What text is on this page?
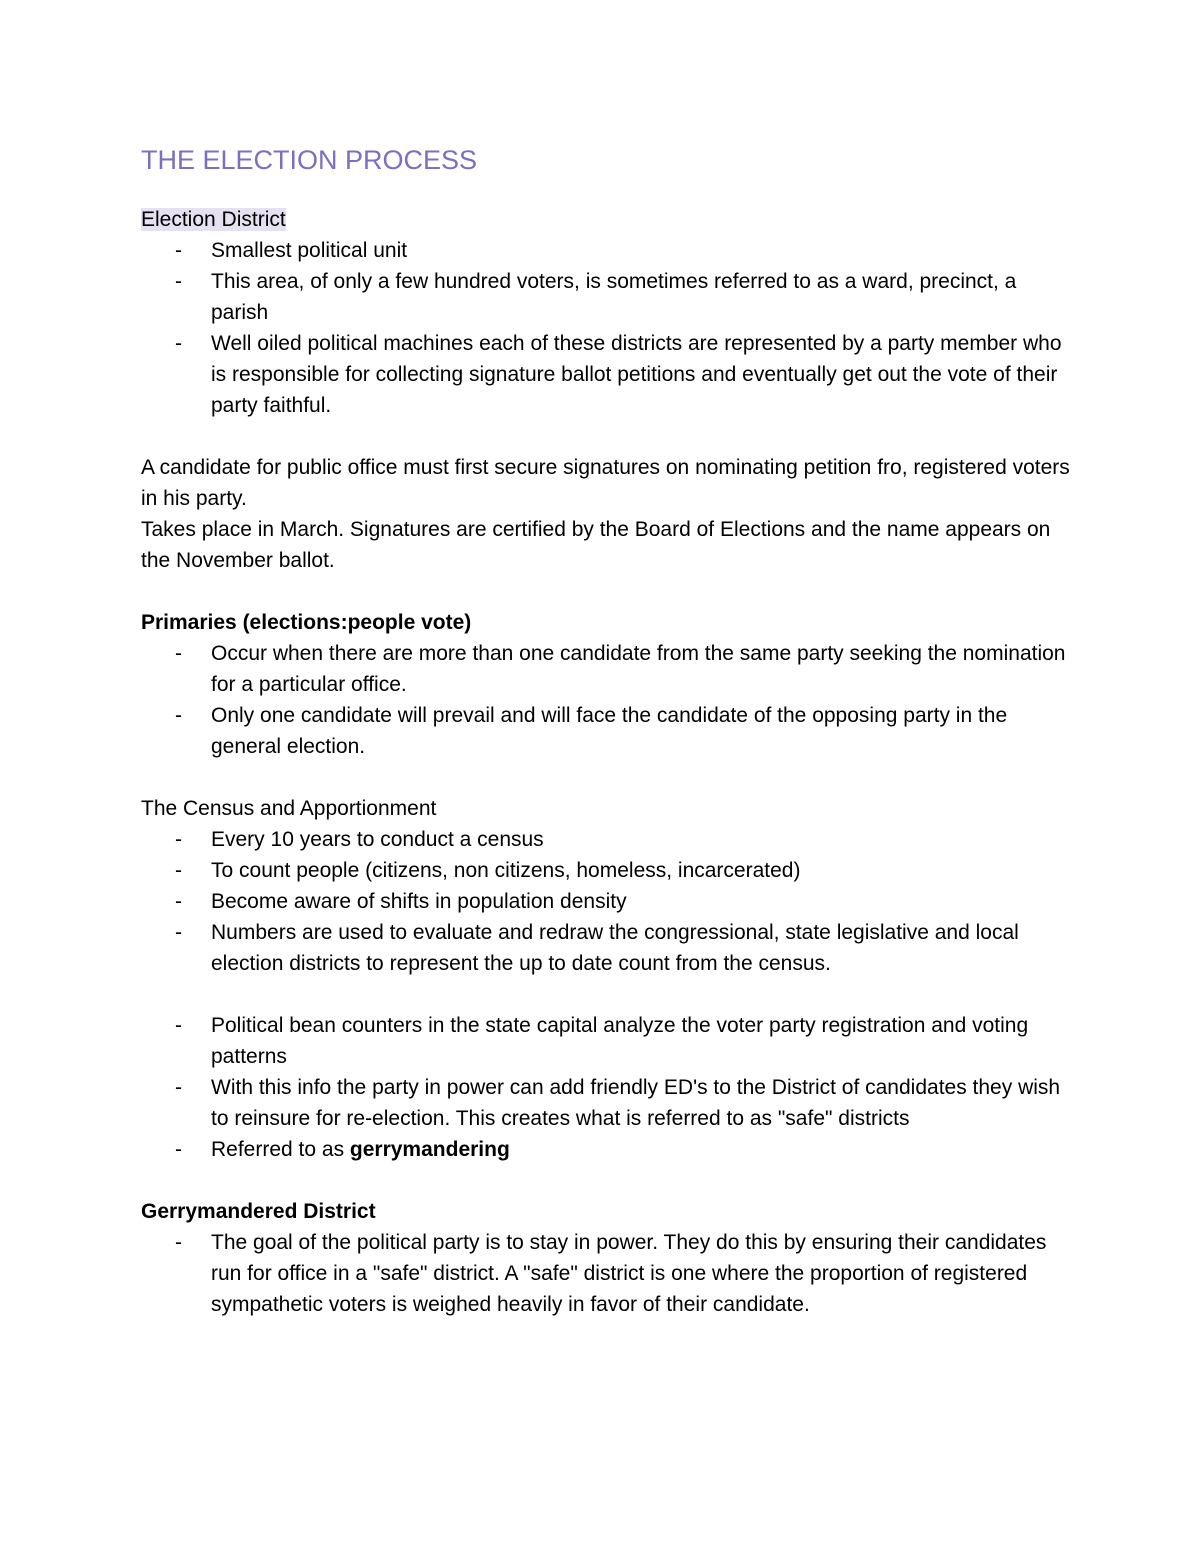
THE ELECTION PROCESS

Election District

- Smallest political unit
- This area, of only a few hundred voters, is sometimes referred to as a ward, precinct, a parish
- Well oiled political machines each of these districts are represented by a party member who is responsible for collecting signature ballot petitions and eventually get out the vote of their party faithful.

A candidate for public office must first secure signatures on nominating petition fro, registered voters in his party.

Takes place in March. Signatures are certified by the Board of Elections and the name appears on the November ballot.

Primaries (elections:people vote)

- Occur when there are more than one candidate from the same party seeking the nomination for a particular office.
- Only one candidate will prevail and will face the candidate of the opposing party in the general election.

The Census and Apportionment

- Every 10 years to conduct a census
- To count people (citizens, non citizens, homeless, incarcerated)
- Become aware of shifts in population density
- Numbers are used to evaluate and redraw the congressional, state legislative and local election districts to represent the up to date count from the census.
- Political bean counters in the state capital analyze the voter party registration and voting patterns
- With this info the party in power can add friendly ED's to the District of candidates they wish to reinsure for re-election. This creates what is referred to as "safe" districts
- Referred to as gerrymandering

Gerrymandered District

- The goal of the political party is to stay in power. They do this by ensuring their candidates run for office in a "safe" district. A "safe" district is one where the proportion of registered sympathetic voters is weighed heavily in favor of their candidate.
